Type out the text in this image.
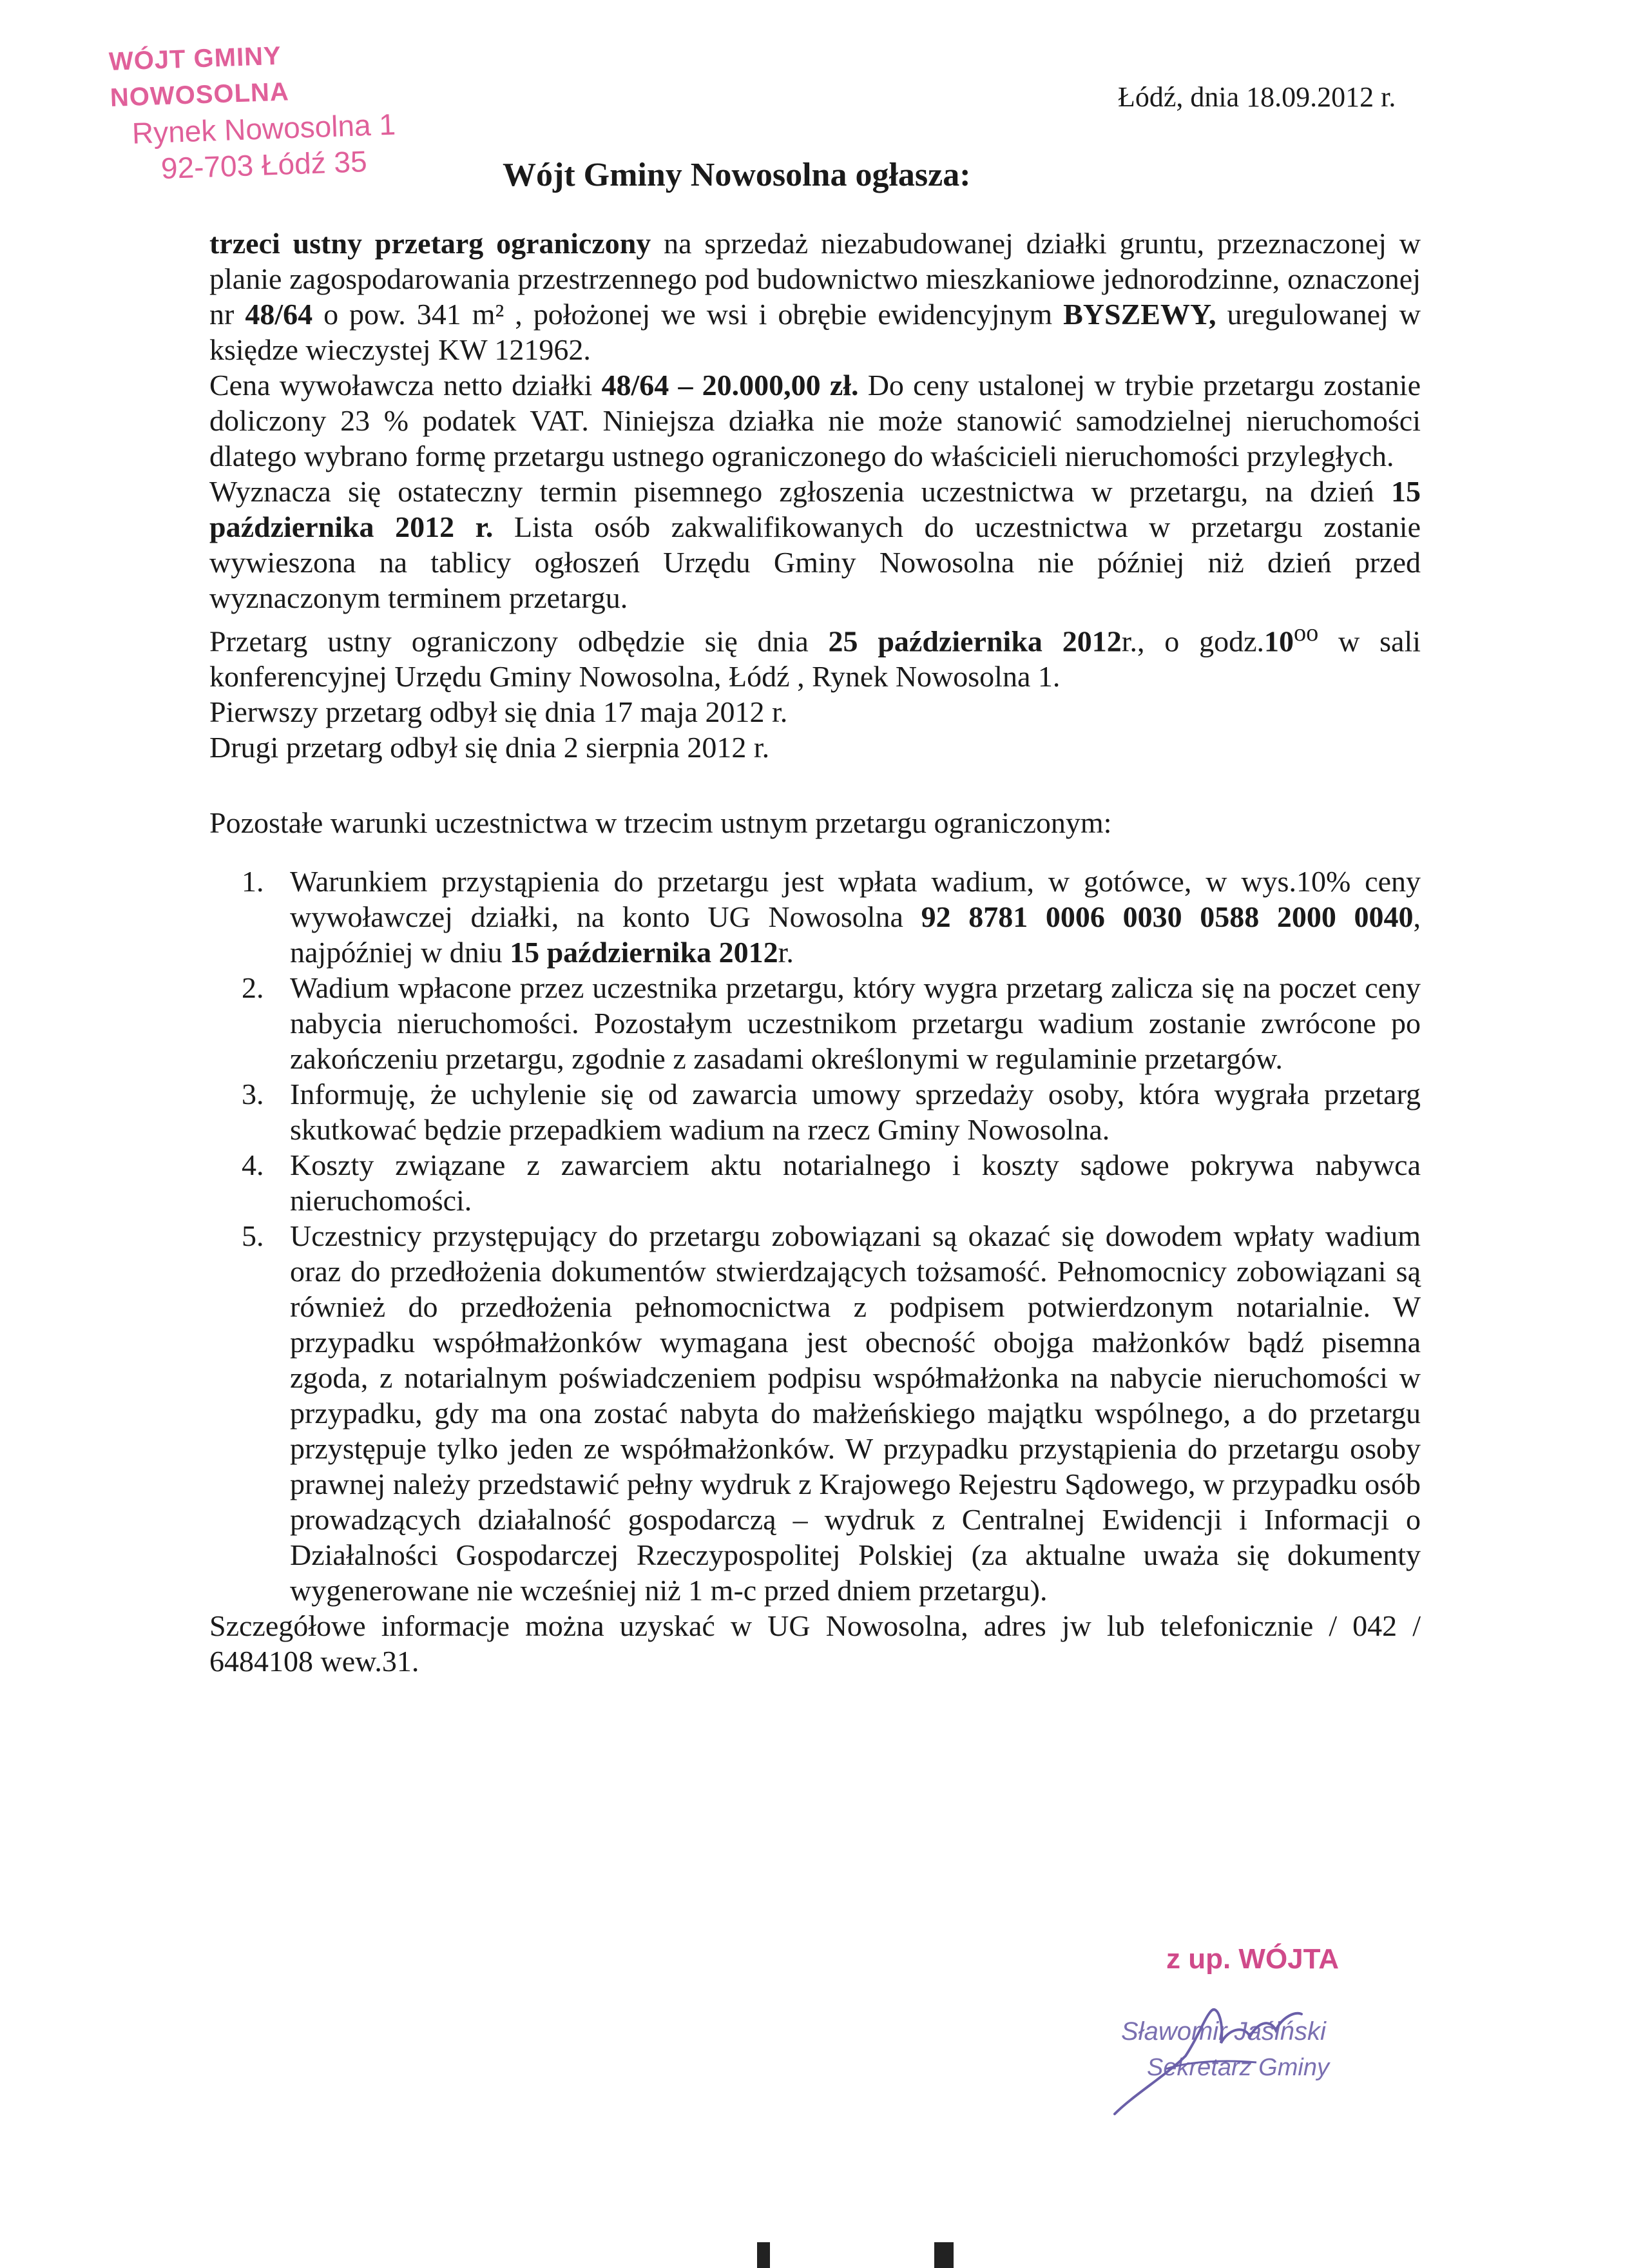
WÓJT GMINY NOWOSOLNA
Rynek Nowosolna 1
92-703 Łódź 35
Łódź, dnia 18.09.2012 r.
Wójt Gminy Nowosolna ogłasza:

trzeci ustny przetarg ograniczony na sprzedaż niezabudowanej działki gruntu, przeznaczonej w planie zagospodarowania przestrzennego pod budownictwo mieszkaniowe jednorodzinne, oznaczonej nr 48/64 o pow. 341 m² , położonej we wsi i obrębie ewidencyjnym BYSZEWY, uregulowanej w księdze wieczystej KW 121962.

Cena wywoławcza netto działki 48/64 – 20.000,00 zł. Do ceny ustalonej w trybie przetargu zostanie doliczony 23 % podatek VAT. Niniejsza działka nie może stanowić samodzielnej nieruchomości dlatego wybrano formę przetargu ustnego ograniczonego do właścicieli nieruchomości przyległych.

Wyznacza się ostateczny termin pisemnego zgłoszenia uczestnictwa w przetargu, na dzień 15 października 2012 r. Lista osób zakwalifikowanych do uczestnictwa w przetargu zostanie wywieszona na tablicy ogłoszeń Urzędu Gminy Nowosolna nie później niż dzień przed wyznaczonym terminem przetargu.

Przetarg ustny ograniczony odbędzie się dnia 25 października 2012r., o $godz.10^{oo}$ w sali konferencyjnej Urzędu Gminy Nowosolna, Łódź , Rynek Nowosolna 1.

Pierwszy przetarg odbył się dnia 17 maja 2012 r.

Drugi przetarg odbył się dnia 2 sierpnia 2012 r.

Pozostałe warunki uczestnictwa w trzecim ustnym przetargu ograniczonym:

1. Warunkiem przystąpienia do przetargu jest wpłata wadium, w gotówce, w wys.10% ceny wywoławczej działki, na konto UG Nowosolna 92 8781 0006 0030 0588 2000 0040, najpóźniej w dniu 15 października 2012r.
2. Wadium wpłacone przez uczestnika przetargu, który wygra przetarg zalicza się na poczet ceny nabycia nieruchomości. Pozostałym uczestnikom przetargu wadium zostanie zwrócone po zakończeniu przetargu, zgodnie z zasadami określonymi w regulaminie przetargów.
3. Informuję, że uchylenie się od zawarcia umowy sprzedaży osoby, która wygrała przetarg skutkować będzie przepadkiem wadium na rzecz Gminy Nowosolna.
4. Koszty związane z zawarciem aktu notarialnego i koszty sądowe pokrywa nabywca nieruchomości.
5. Uczestnicy przystępujący do przetargu zobowiązani są okazać się dowodem wpłaty wadium oraz do przedłożenia dokumentów stwierdzających tożsamość. Pełnomocnicy zobowiązani są również do przedłożenia pełnomocnictwa z podpisem potwierdzonym notarialnie. W przypadku współmałżonków wymagana jest obecność obojga małżonków bądź pisemna zgoda, z notarialnym poświadczeniem podpisu współmałżonka na nabycie nieruchomości w przypadku, gdy ma ona zostać nabyta do małżeńskiego majątku wspólnego, a do przetargu przystępuje tylko jeden ze współmałżonków. W przypadku przystąpienia do przetargu osoby prawnej należy przedstawić pełny wydruk z Krajowego Rejestru Sądowego, w przypadku osób prowadzących działalność gospodarczą – wydruk z Centralnej Ewidencji i Informacji o Działalności Gospodarczej Rzeczypospolitej Polskiej (za aktualne uważa się dokumenty wygenerowane nie wcześniej niż 1 m-c przed dniem przetargu).

Szczegółowe informacje można uzyskać w UG Nowosolna, adres jw lub telefonicznie / 042 / 6484108 wew.31.

z up. WÓJTA
Sławomir Jaśiński
Sekretarz Gminy
